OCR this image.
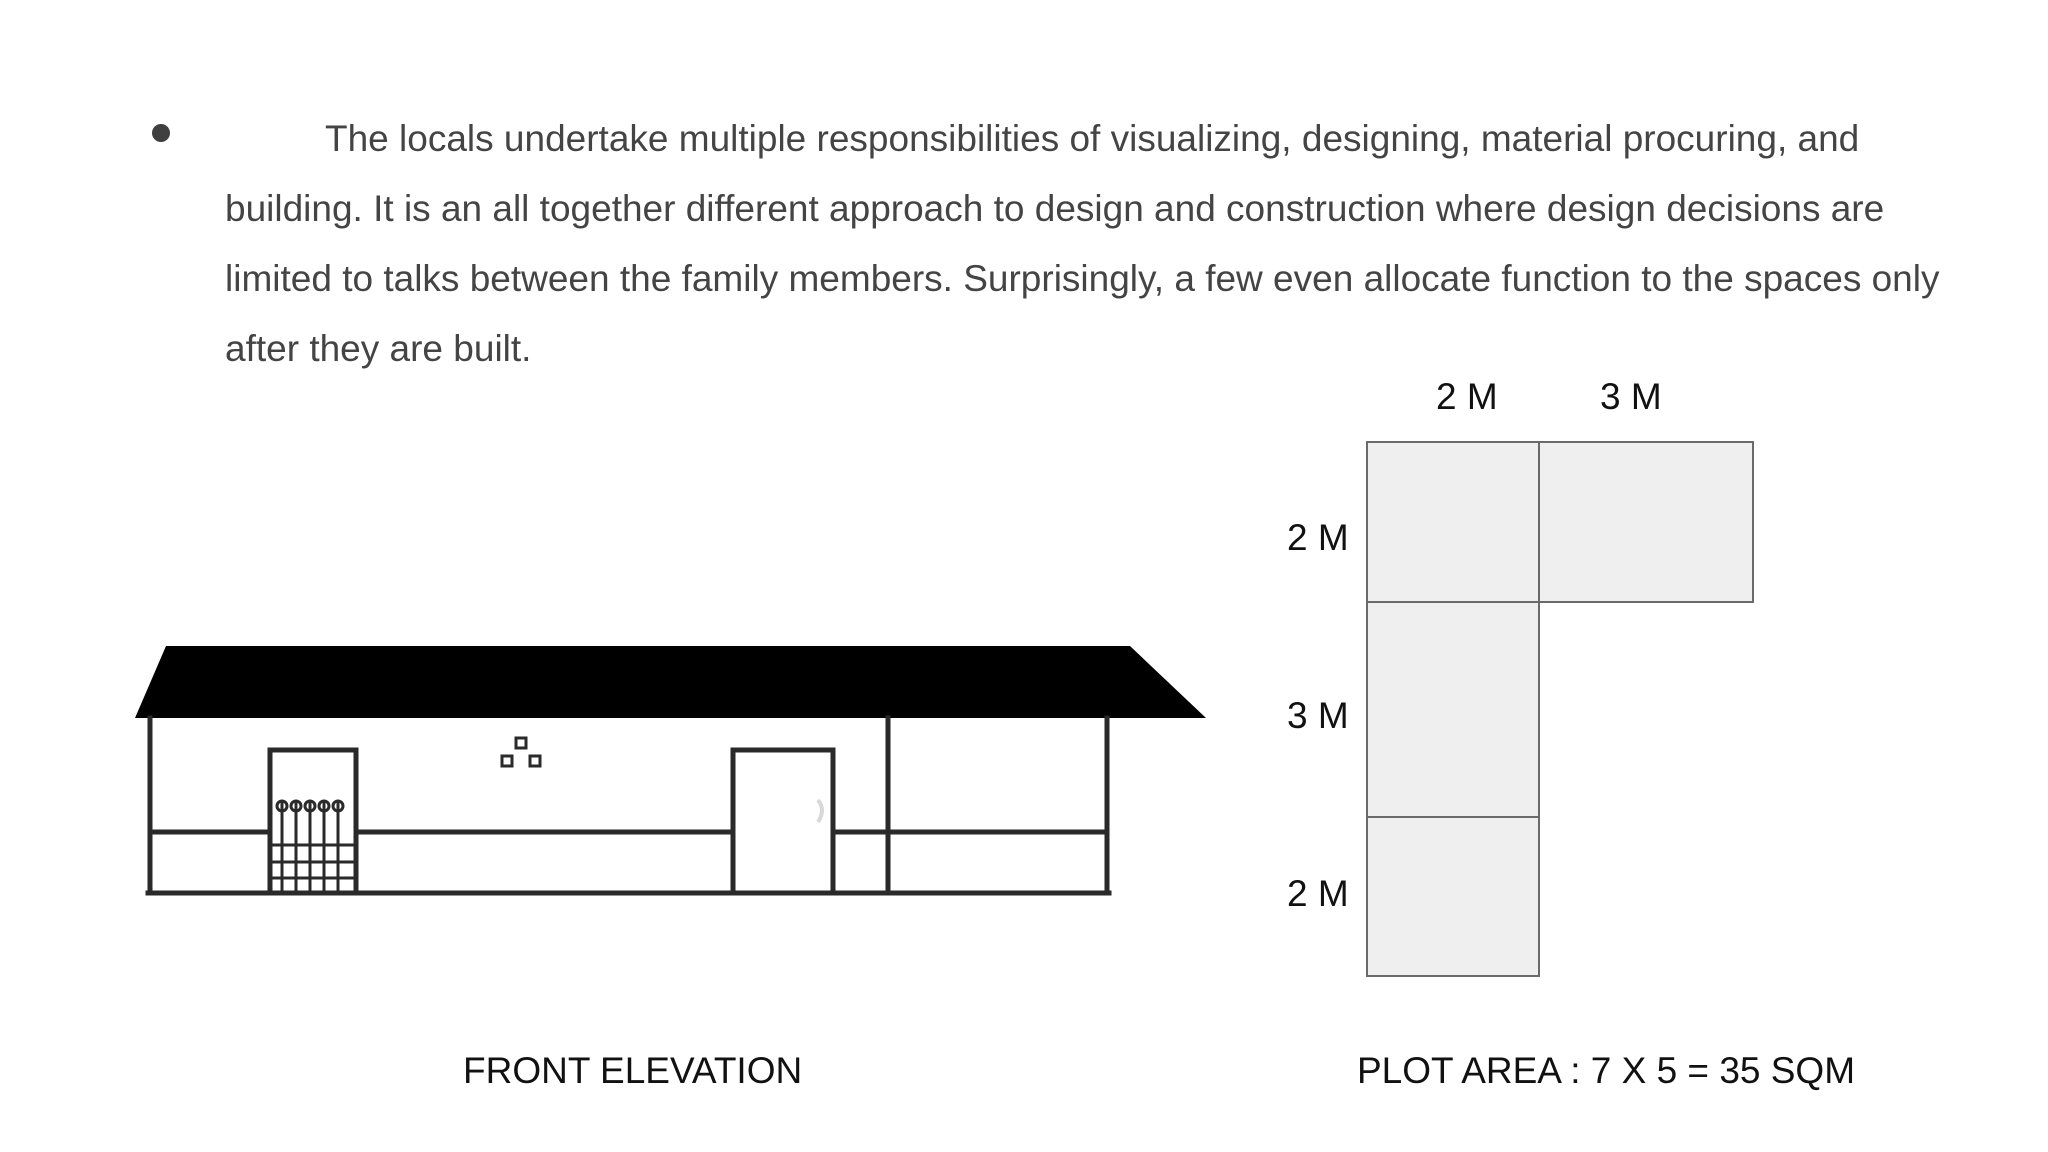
The locals undertake multiple responsibilities of visualizing, designing, material procuring, and building. It is an all together different approach to design and construction where design decisions are limited to talks between the family members. Surprisingly, a few even allocate function to the spaces only after they are built.

FRONT ELEVATION
2 M	3 M
2 M
3 M
2 M
PLOT AREA : 7 X 5 = 35 SQM
